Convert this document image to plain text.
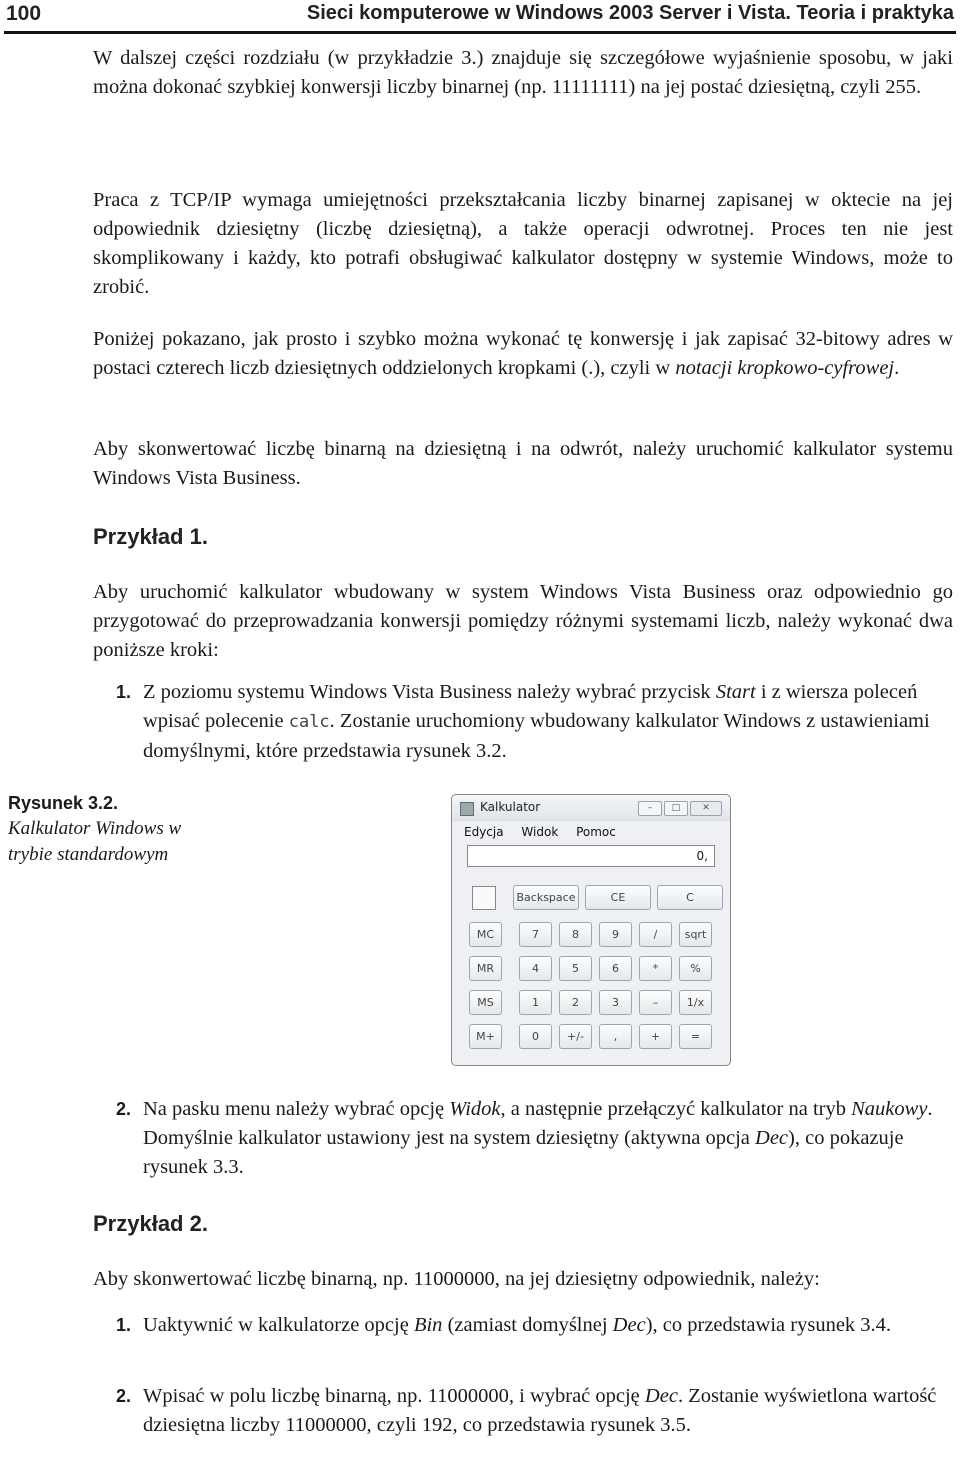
100	Sieci komputerowe w Windows 2003 Server i Vista. Teoria i praktyka

W dalszej części rozdziału (w przykładzie 3.) znajduje się szczegółowe wyjaśnienie sposobu, w jaki można dokonać szybkiej konwersji liczby binarnej (np. 11111111) na jej postać dziesiętną, czyli 255.

Praca z TCP/IP wymaga umiejętności przekształcania liczby binarnej zapisanej w oktecie na jej odpowiednik dziesiętny (liczbę dziesiętną), a także operacji odwrotnej. Proces ten nie jest skomplikowany i każdy, kto potrafi obsługiwać kalkulator dostępny w systemie Windows, może to zrobić.

Poniżej pokazano, jak prosto i szybko można wykonać tę konwersję i jak zapisać 32-bitowy adres w postaci czterech liczb dziesiętnych oddzielonych kropkami (.), czyli w notacji kropkowo-cyfrowej.

Aby skonwertować liczbę binarną na dziesiętną i na odwrót, należy uruchomić kalkulator systemu Windows Vista Business.

Przykład 1.

Aby uruchomić kalkulator wbudowany w system Windows Vista Business oraz odpowiednio go przygotować do przeprowadzania konwersji pomiędzy różnymi systemami liczb, należy wykonać dwa poniższe kroki:

1. Z poziomu systemu Windows Vista Business należy wybrać przycisk Start i z wiersza poleceń wpisać polecenie calc. Zostanie uruchomiony wbudowany kalkulator Windows z ustawieniami domyślnymi, które przedstawia rysunek 3.2.
Rysunek 3.2.
Kalkulator Windows w trybie standardowym
Kalkulator	–	□	✕
Edycja Widok Pomoc
0,
Backspace	CE	C
MC	7	8	9	/	sqrt
MR	4	5	6	*	%
MS	1	2	3	–	1/x
M+	0	+/-	,	+	=
2. Na pasku menu należy wybrać opcję Widok, a następnie przełączyć kalkulator na tryb Naukowy. Domyślnie kalkulator ustawiony jest na system dziesiętny (aktywna opcja Dec), co pokazuje rysunek 3.3.
Przykład 2.

Aby skonwertować liczbę binarną, np. 11000000, na jej dziesiętny odpowiednik, należy:

1. Uaktywnić w kalkulatorze opcję Bin (zamiast domyślnej Dec), co przedstawia rysunek 3.4.
2. Wpisać w polu liczbę binarną, np. 11000000, i wybrać opcję Dec. Zostanie wyświetlona wartość dziesiętna liczby 11000000, czyli 192, co przedstawia rysunek 3.5.
